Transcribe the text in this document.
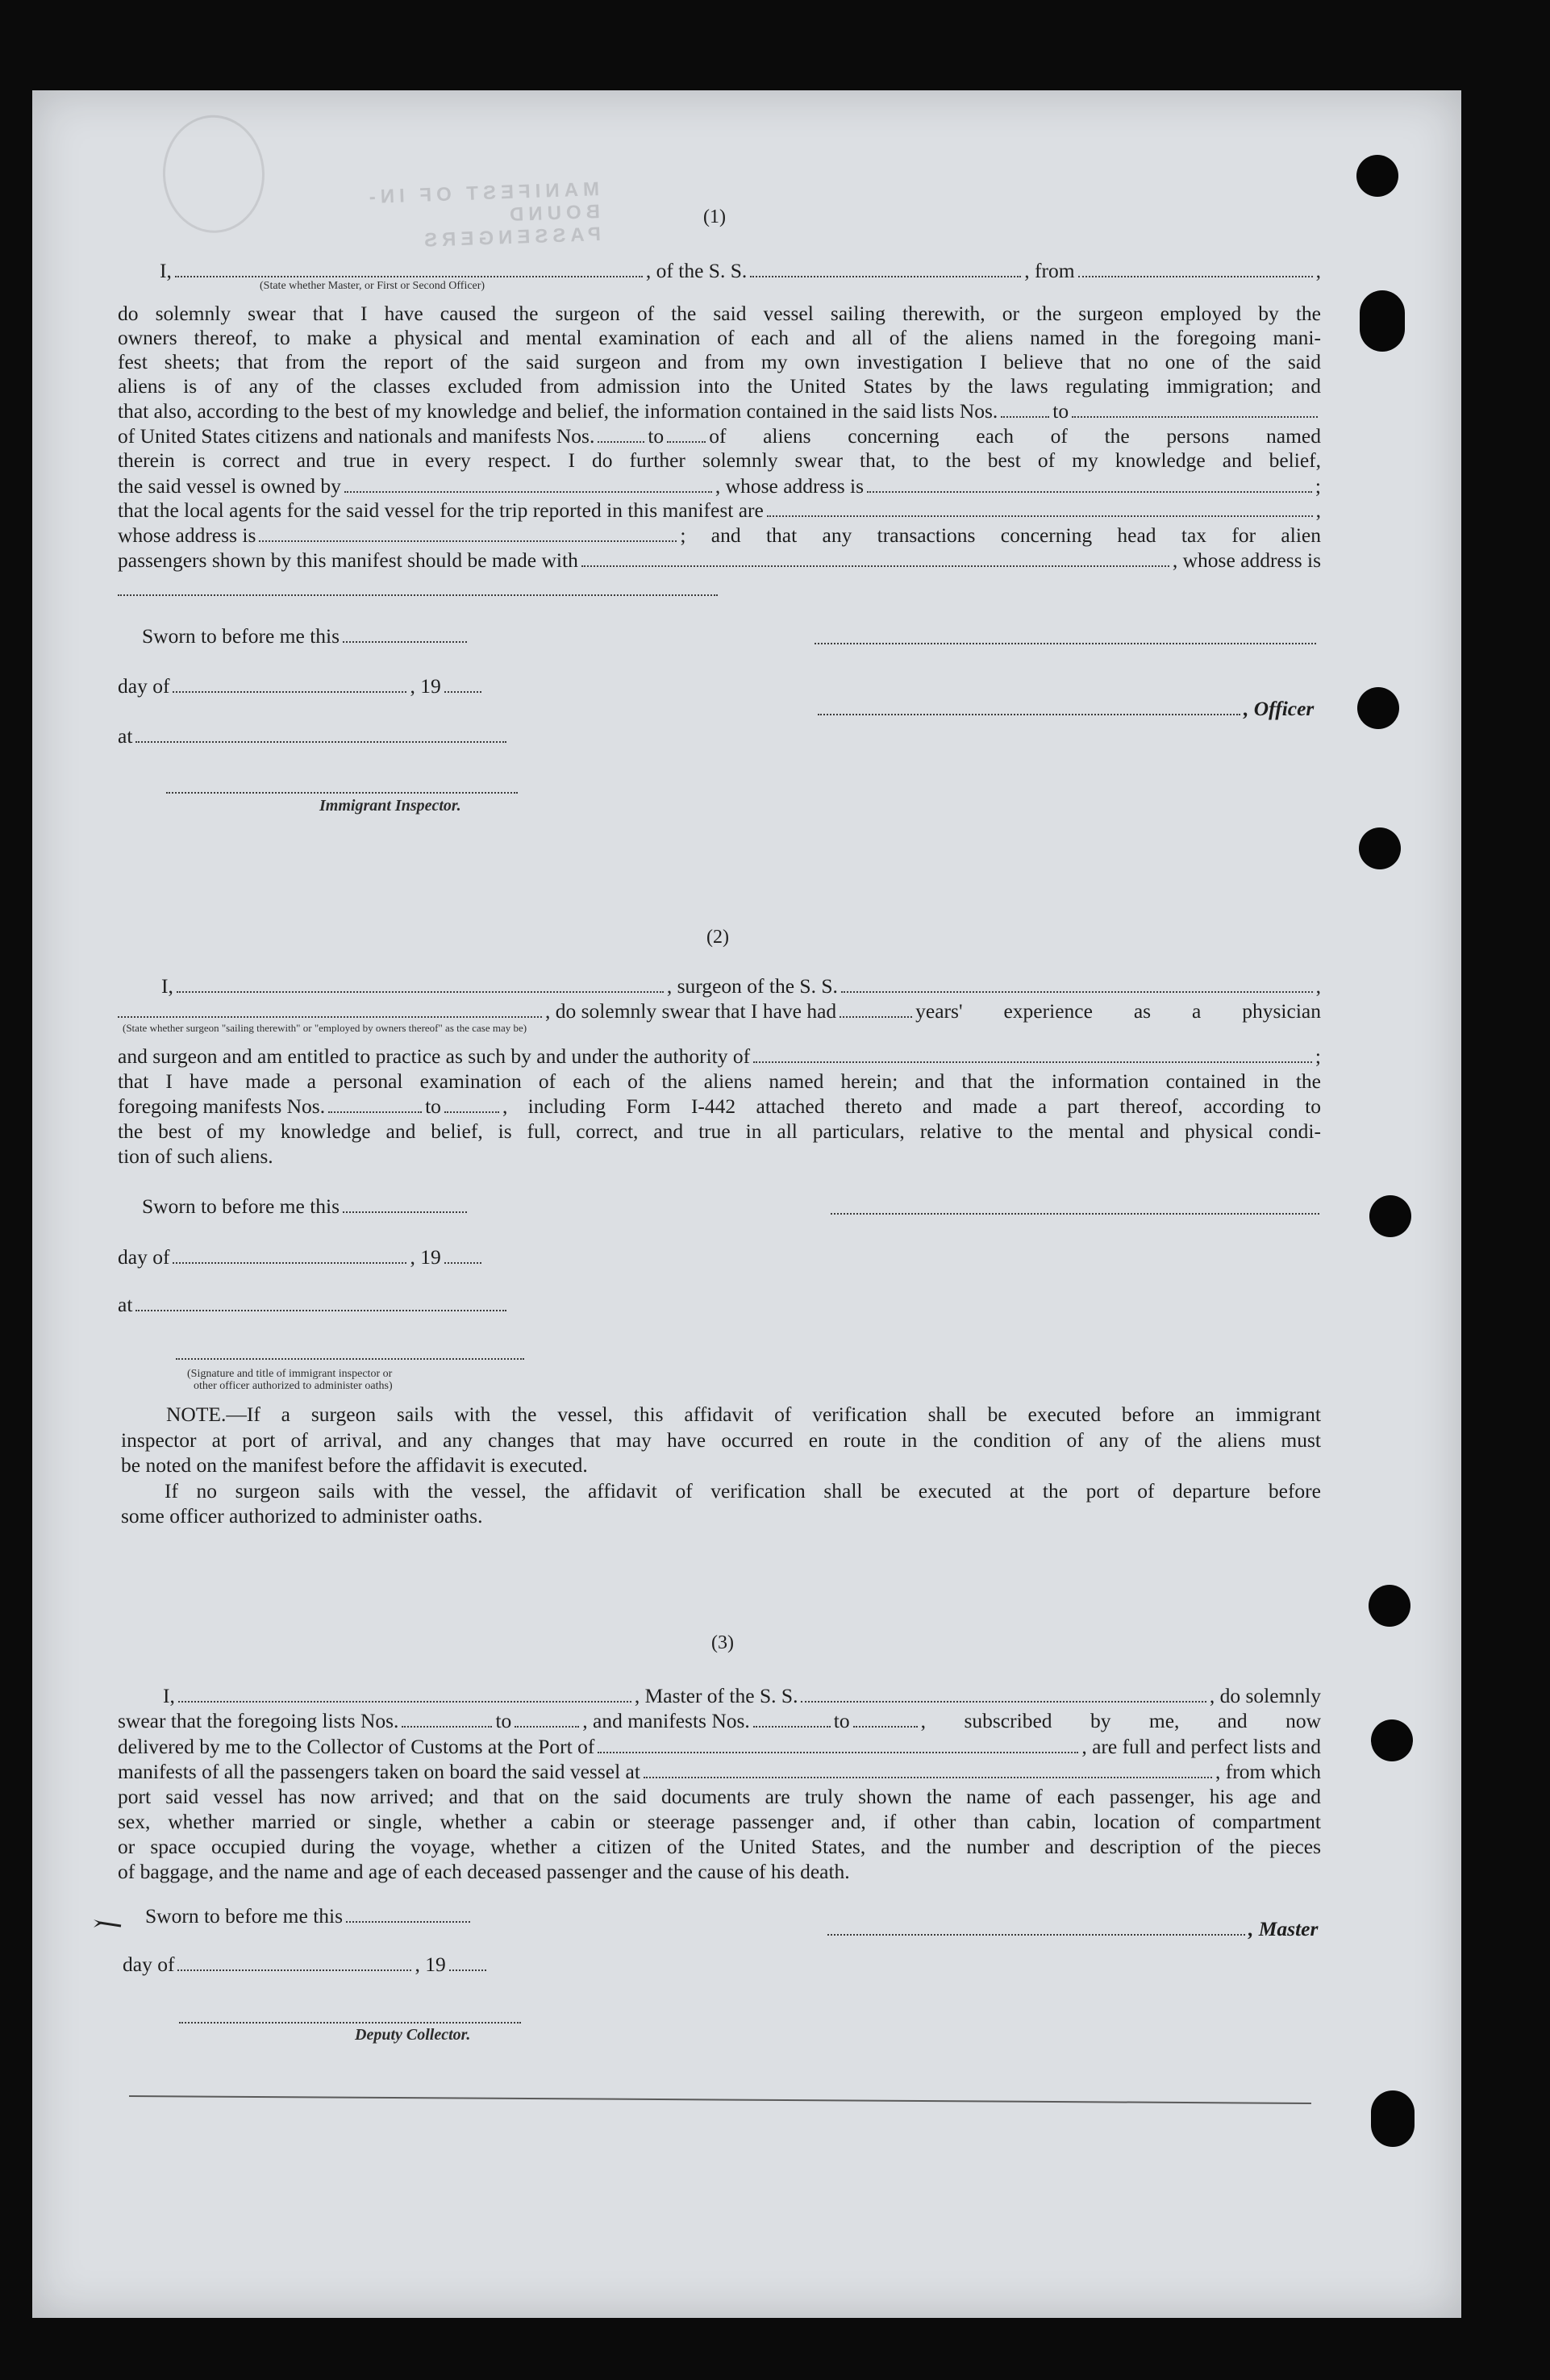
MANIFEST OF IN-BOUND PASSENGERS
(1)
I,	, of the S. S.	, from	,
(State whether Master, or First or Second Officer)
do solemnly swear that I have caused the surgeon of the said vessel sailing therewith, or the surgeon employed by the
owners thereof, to make a physical and mental examination of each and all of the aliens named in the foregoing mani-
fest sheets; that from the report of the said surgeon and from my own investigation I believe that no one of the said
aliens is of any of the classes excluded from admission into the United States by the laws regulating immigration; and
that also, according to the best of my knowledge and belief, the information contained in the said lists Nos.	to
of United States citizens and nationals and manifests Nos.	to of aliens concerning each of the persons named
therein is correct and true in every respect. I do further solemnly swear that, to the best of my knowledge and belief,
the said vessel is owned by	, whose address is	;
that the local agents for the said vessel for the trip reported in this manifest are	,
whose address is	; and that any transactions concerning head tax for alien
passengers shown by this manifest should be made with	, whose address is
Sworn to before me this
day of	, 19
, Officer
at
Immigrant Inspector.
(2)
I,	, surgeon of the S. S.	,
, do solemnly swear that I have had	years' experience as a physician
(State whether surgeon "sailing therewith" or "employed by owners thereof" as the case may be)
and surgeon and am entitled to practice as such by and under the authority of	;
that I have made a personal examination of each of the aliens named herein; and that the information contained in the
foregoing manifests Nos.	to	, including Form I-442 attached thereto and made a part thereof, according to
the best of my knowledge and belief, is full, correct, and true in all particulars, relative to the mental and physical condi-
tion of such aliens.
Sworn to before me this
day of	, 19
at
(Signature and title of immigrant inspector or
other officer authorized to administer oaths)
NOTE.—If a surgeon sails with the vessel, this affidavit of verification shall be executed before an immigrant
inspector at port of arrival, and any changes that may have occurred en route in the condition of any of the aliens must
be noted on the manifest before the affidavit is executed.
If no surgeon sails with the vessel, the affidavit of verification shall be executed at the port of departure before
some officer authorized to administer oaths.
(3)
I,	, Master of the S. S.	, do solemnly
swear that the foregoing lists Nos.	to	, and manifests Nos.	to	, subscribed by me, and now
delivered by me to the Collector of Customs at the Port of	, are full and perfect lists and
manifests of all the passengers taken on board the said vessel at	, from which
port said vessel has now arrived; and that on the said documents are truly shown the name of each passenger, his age and
sex, whether married or single, whether a cabin or steerage passenger and, if other than cabin, location of compartment
or space occupied during the voyage, whether a citizen of the United States, and the number and description of the pieces
of baggage, and the name and age of each deceased passenger and the cause of his death.
Sworn to before me this
, Master
day of	, 19
Deputy Collector.
